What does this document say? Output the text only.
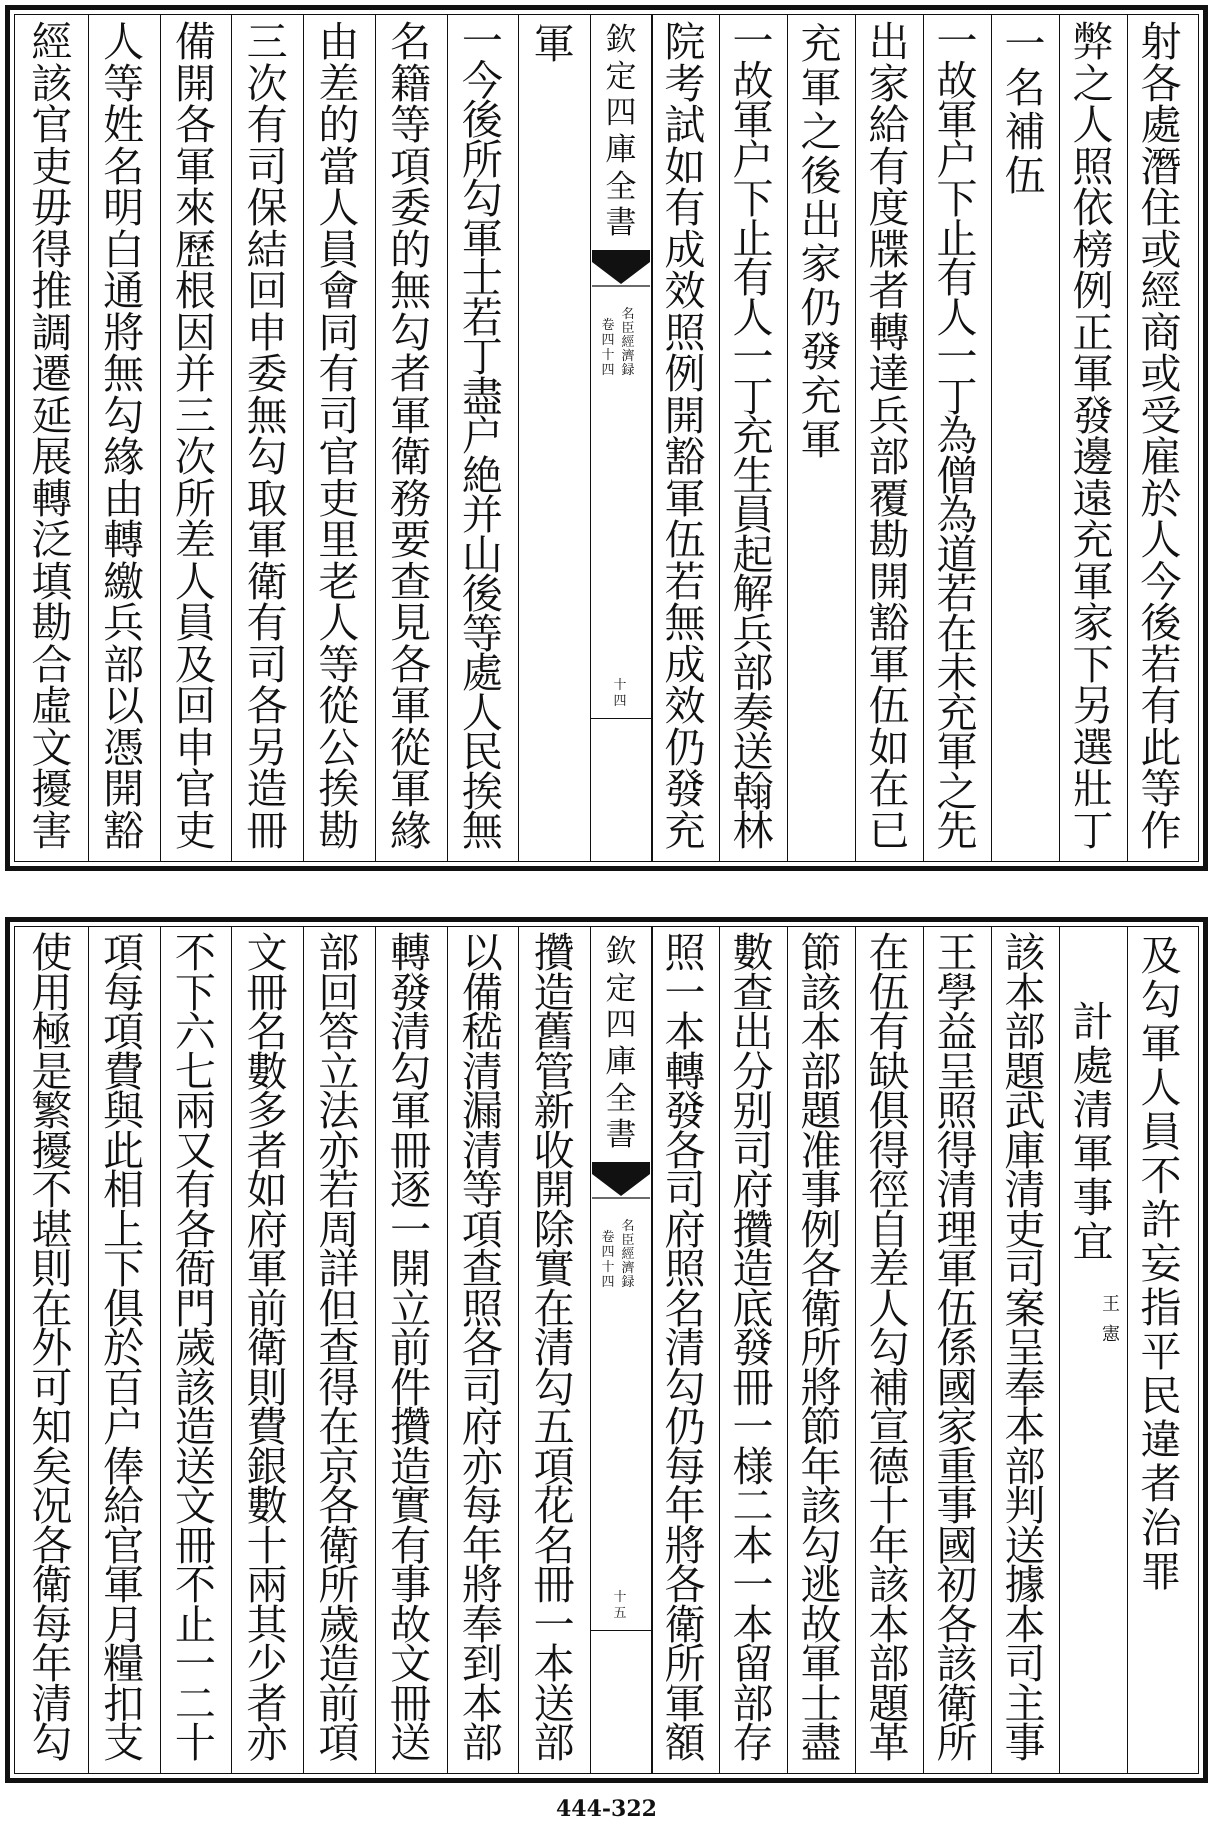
射
各
處
潛
住
或
經
商
或
受
雇
於
人
今
後
若
有
此
等
作
弊
之
人
照
依
榜
例
正
軍
發
邊
遠
充
軍
家
下
另
選
壯
丁
一
名
補
伍
一
故
軍
户
下
止
有
人
一
丁
為
僧
為
道
若
在
未
充
軍
之
先
出
家
給
有
度
牒
者
轉
達
兵
部
覆
勘
開
豁
軍
伍
如
在
已
充
軍
之
後
出
家
仍
發
充
軍
一
故
軍
户
下
止
有
人
一
丁
充
生
員
起
解
兵
部
奏
送
翰
林
院
考
試
如
有
成
效
照
例
開
豁
軍
伍
若
無
成
效
仍
發
充
欽
定
四
庫
全
書
名
臣
經
濟
録
卷
四
十
四
十
四
軍
一
今
後
所
勾
軍
士
若
丁
盡
户
絶
并
山
後
等
處
人
民
挨
無
名
籍
等
項
委
的
無
勾
者
軍
衛
務
要
查
見
各
軍
從
軍
緣
由
差
的
當
人
員
會
同
有
司
官
吏
里
老
人
等
從
公
挨
勘
三
次
有
司
保
結
回
申
委
無
勾
取
軍
衛
有
司
各
另
造
冊
備
開
各
軍
來
歷
根
因
并
三
次
所
差
人
員
及
回
申
官
吏
人
等
姓
名
明
白
通
將
無
勾
緣
由
轉
繳
兵
部
以
憑
開
豁
經
該
官
吏
毋
得
推
調
遷
延
展
轉
泛
填
勘
合
虛
文
擾
害
及
勾
軍
人
員
不
許
妄
指
平
民
違
者
治
罪
計
處
清
軍
事
宜
王
憲
該
本
部
題
武
庫
清
吏
司
案
呈
奉
本
部
判
送
據
本
司
主
事
王
學
益
呈
照
得
清
理
軍
伍
係
國
家
重
事
國
初
各
該
衛
所
在
伍
有
缺
俱
得
徑
自
差
人
勾
補
宣
德
十
年
該
本
部
題
革
節
該
本
部
題
准
事
例
各
衛
所
將
節
年
該
勾
逃
故
軍
士
盡
數
查
出
分
别
司
府
攢
造
底
發
冊
一
様
二
本
一
本
留
部
存
照
一
本
轉
發
各
司
府
照
名
清
勾
仍
每
年
將
各
衛
所
軍
額
欽
定
四
庫
全
書
名
臣
經
濟
録
卷
四
十
四
十
五
攢
造
舊
管
新
收
開
除
實
在
清
勾
五
項
花
名
冊
一
本
送
部
以
備
嵇
清
漏
清
等
項
查
照
各
司
府
亦
每
年
將
奉
到
本
部
轉
發
清
勾
軍
冊
逐
一
開
立
前
件
攢
造
實
有
事
故
文
冊
送
部
回
答
立
法
亦
若
周
詳
但
查
得
在
京
各
衛
所
歲
造
前
項
文
冊
名
數
多
者
如
府
軍
前
衛
則
費
銀
數
十
兩
其
少
者
亦
不
下
六
七
兩
又
有
各
衙
門
歲
該
造
送
文
冊
不
止
一
二
十
項
每
項
費
與
此
相
上
下
俱
於
百
户
俸
給
官
軍
月
糧
扣
支
使
用
極
是
繁
擾
不
堪
則
在
外
可
知
矣
况
各
衛
每
年
清
勾
444-322
